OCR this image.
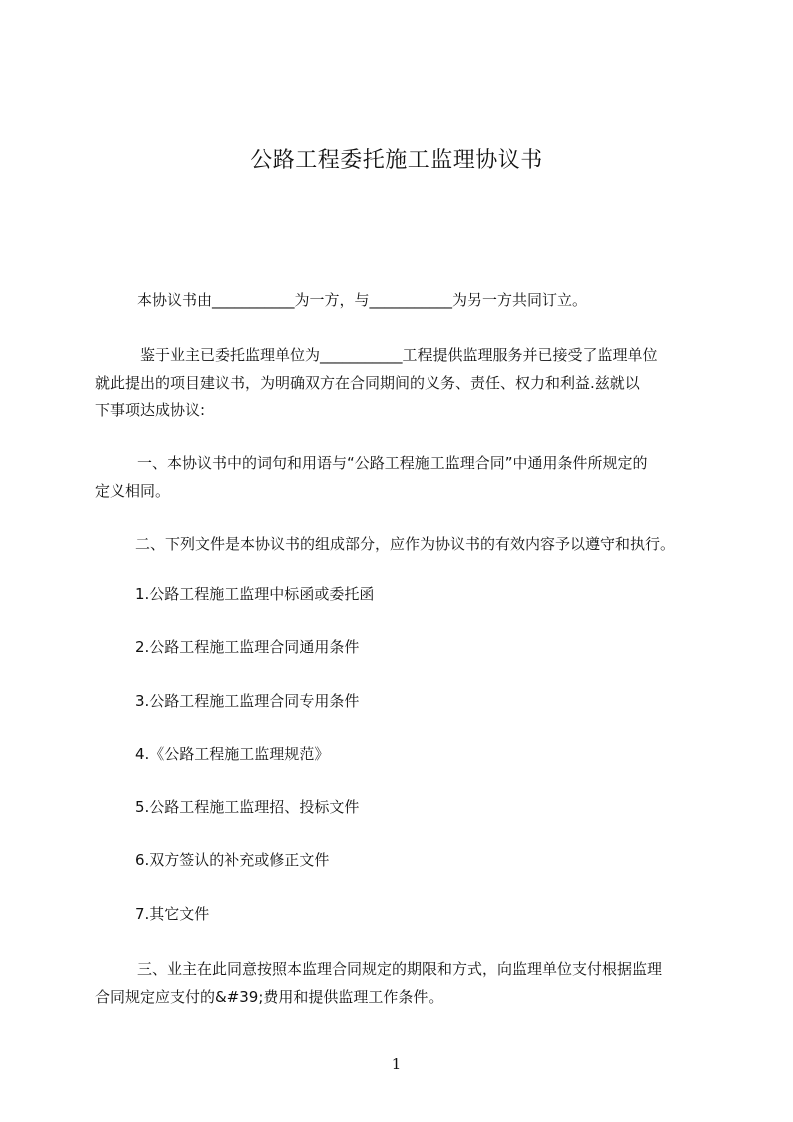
公路工程委托施工监理协议书
本协议书由___________为一方，与___________为另一方共同订立。
鉴于业主已委托监理单位为___________工程提供监理服务并已接受了监理单位
就此提出的项目建议书，为明确双方在合同期间的义务、责任、权力和利益.兹就以
下事项达成协议:
一、本协议书中的词句和用语与“公路工程施工监理合同”中通用条件所规定的
定义相同。
二、下列文件是本协议书的组成部分，应作为协议书的有效内容予以遵守和执行。
1.公路工程施工监理中标函或委托函
2.公路工程施工监理合同通用条件
3.公路工程施工监理合同专用条件
4.《公路工程施工监理规范》
5.公路工程施工监理招、投标文件
6.双方签认的补充或修正文件
7.其它文件
三、业主在此同意按照本监理合同规定的期限和方式，向监理单位支付根据监理
合同规定应支付的&#39;费用和提供监理工作条件。
1
